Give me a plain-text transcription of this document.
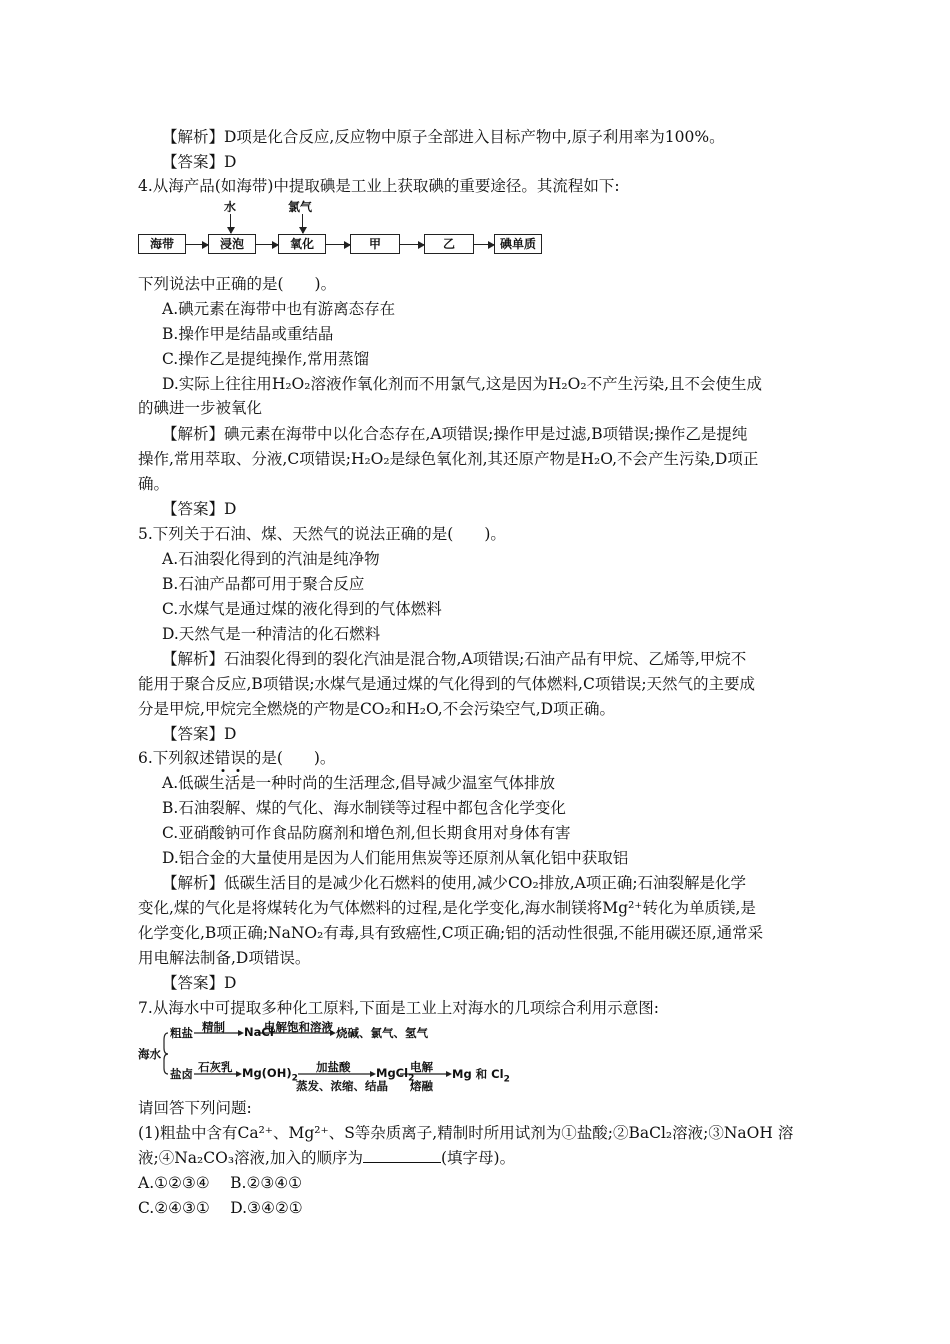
【解析】D项是化合反应,反应物中原子全部进入目标产物中,原子利用率为100%。
【答案】D
4.从海产品(如海带)中提取碘是工业上获取碘的重要途径。其流程如下:
海带	浸泡	氧化	甲	乙	碘单质
水	氯气
下列说法中正确的是(　　)。
A.碘元素在海带中也有游离态存在
B.操作甲是结晶或重结晶
C.操作乙是提纯操作,常用蒸馏
D.实际上往往用H₂O₂溶液作氧化剂而不用氯气,这是因为H₂O₂不产生污染,且不会使生成
的碘进一步被氧化
【解析】碘元素在海带中以化合态存在,A项错误;操作甲是过滤,B项错误;操作乙是提纯
操作,常用萃取、分液,C项错误;H₂O₂是绿色氧化剂,其还原产物是H₂O,不会产生污染,D项正
确。
【答案】D
5.下列关于石油、煤、天然气的说法正确的是(　　)。
A.石油裂化得到的汽油是纯净物
B.石油产品都可用于聚合反应
C.水煤气是通过煤的液化得到的气体燃料
D.天然气是一种清洁的化石燃料
【解析】石油裂化得到的裂化汽油是混合物,A项错误;石油产品有甲烷、乙烯等,甲烷不
能用于聚合反应,B项错误;水煤气是通过煤的气化得到的气体燃料,C项错误;天然气的主要成
分是甲烷,甲烷完全燃烧的产物是CO₂和H₂O,不会污染空气,D项正确。
【答案】D
6.下列叙述错误的是(　　)。
A.低碳生活是一种时尚的生活理念,倡导减少温室气体排放
B.石油裂解、煤的气化、海水制镁等过程中都包含化学变化
C.亚硝酸钠可作食品防腐剂和增色剂,但长期食用对身体有害
D.铝合金的大量使用是因为人们能用焦炭等还原剂从氧化铝中获取铝
【解析】低碳生活目的是减少化石燃料的使用,减少CO₂排放,A项正确;石油裂解是化学
变化,煤的气化是将煤转化为气体燃料的过程,是化学变化,海水制镁将Mg²⁺转化为单质镁,是
化学变化,B项正确;NaNO₂有毒,具有致癌性,C项正确;铝的活动性很强,不能用碳还原,通常采
用电解法制备,D项错误。
【答案】D
7.从海水中可提取多种化工原料,下面是工业上对海水的几项综合利用示意图:
海水
粗盐 精制 NaCl
电解饱和溶液 烧碱、氯气、氢气
盐卤 石灰乳 $Mg(OH)_2$
加盐酸
蒸发、浓缩、结晶
MgCl$_2$
电解
熔融
Mg 和 $Cl_2$
请回答下列问题:
(1)粗盐中含有Ca²⁺、Mg²⁺、S等杂质离子,精制时所用试剂为①盐酸;②BaCl₂溶液;③NaOH 溶
液;④Na₂CO₃溶液,加入的顺序为	(填字母)。
A.①②③④　 B.②③④①
C.②④③①　 D.③④②①
